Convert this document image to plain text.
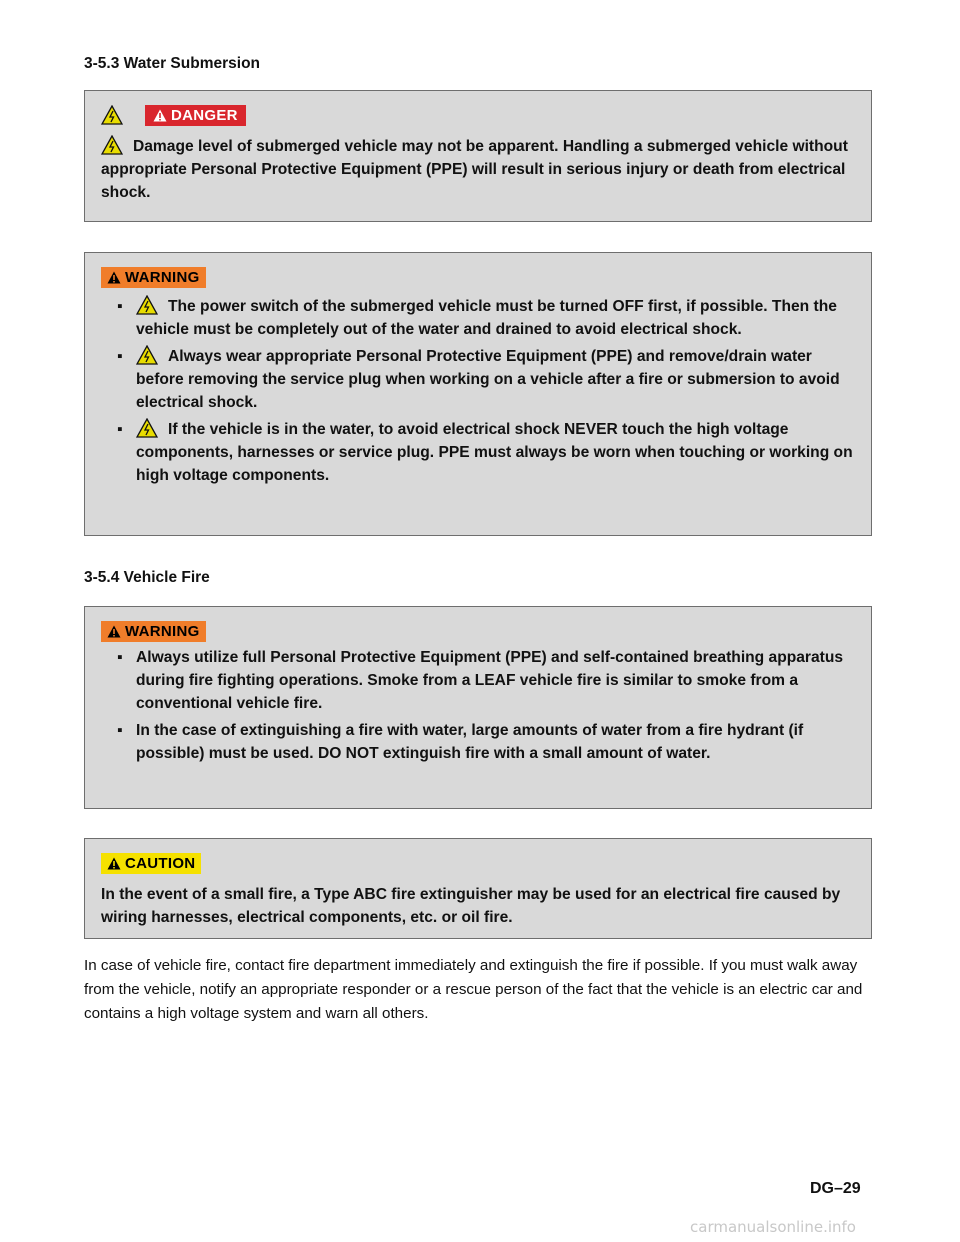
3-5.3 Water Submersion
DANGER

Damage level of submerged vehicle may not be apparent. Handling a submerged vehicle without appropriate Personal Protective Equipment (PPE) will result in serious injury or death from electrical shock.

WARNING
▪	The power switch of the submerged vehicle must be turned OFF first, if possible. Then the vehicle must be completely out of the water and drained to avoid electrical shock.
▪	Always wear appropriate Personal Protective Equipment (PPE) and remove/drain water before removing the service plug when working on a vehicle after a fire or submersion to avoid electrical shock.
▪	If the vehicle is in the water, to avoid electrical shock NEVER touch the high voltage components, harnesses or service plug. PPE must always be worn when touching or working on high voltage components.
3-5.4 Vehicle Fire
WARNING
▪ Always utilize full Personal Protective Equipment (PPE) and self-contained breathing apparatus during fire fighting operations. Smoke from a LEAF vehicle fire is similar to smoke from a conventional vehicle fire.
▪ In the case of extinguishing a fire with water, large amounts of water from a fire hydrant (if possible) must be used. DO NOT extinguish fire with a small amount of water.
CAUTION

In the event of a small fire, a Type ABC fire extinguisher may be used for an electrical fire caused by wiring harnesses, electrical components, etc. or oil fire.

In case of vehicle fire, contact fire department immediately and extinguish the fire if possible. If you must walk away from the vehicle, notify an appropriate responder or a rescue person of the fact that the vehicle is an electric car and contains a high voltage system and warn all others.

DG–29
carmanualsonline.info
